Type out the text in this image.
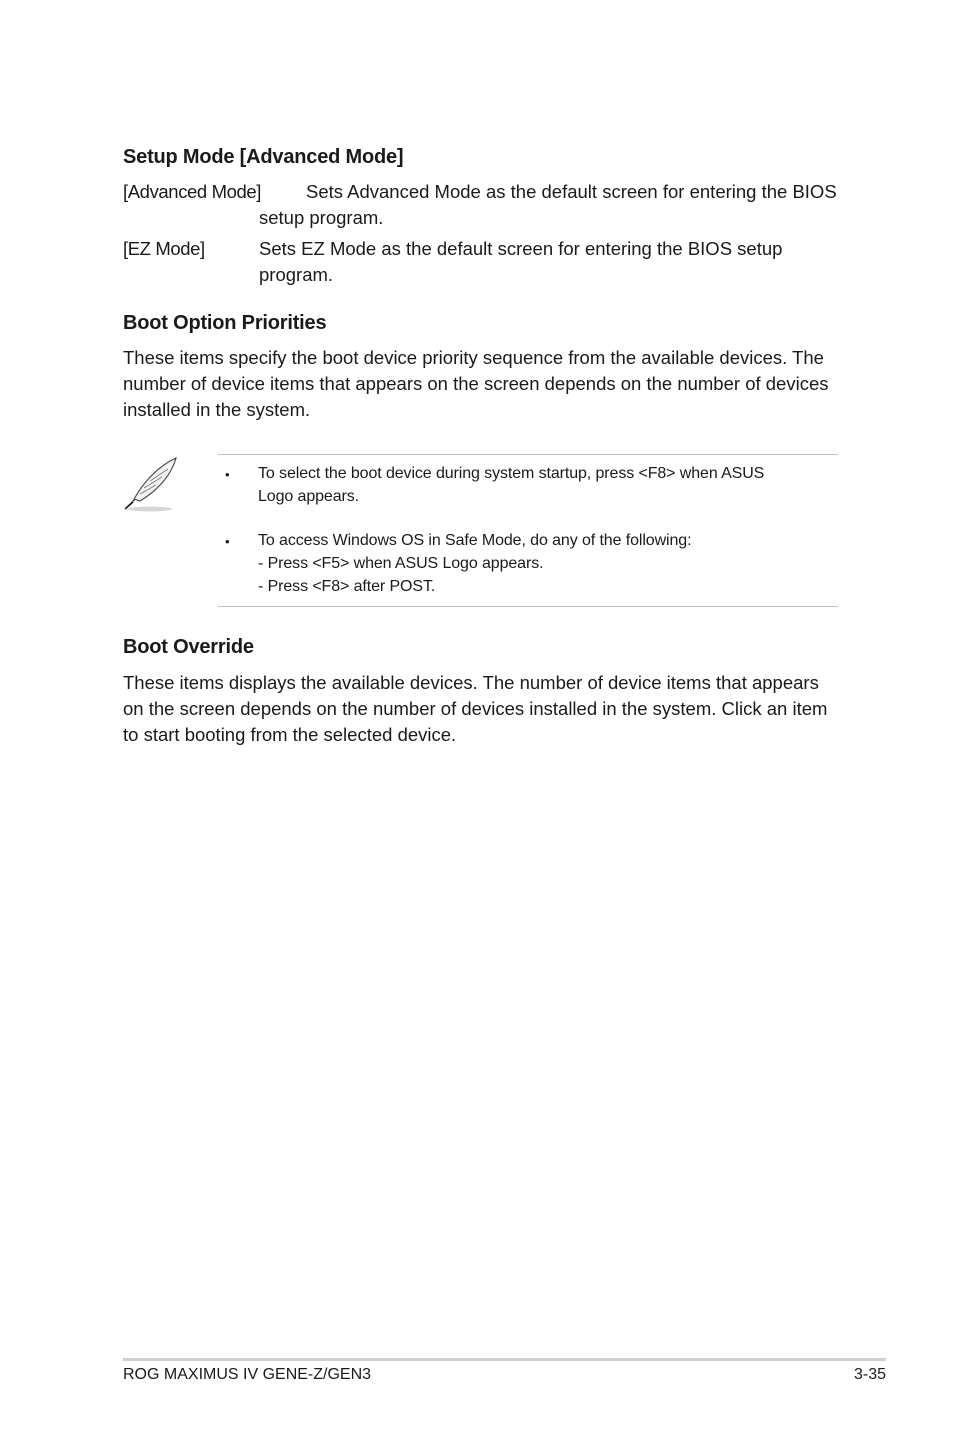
Setup Mode [Advanced Mode]
[Advanced Mode]	Sets Advanced Mode as the default screen for entering the BIOS setup program.
[EZ Mode]	Sets EZ Mode as the default screen for entering the BIOS setup program.
Boot Option Priorities

These items specify the boot device priority sequence from the available devices. The number of device items that appears on the screen depends on the number of devices installed in the system.

• To select the boot device during system startup, press <F8> when ASUS
Logo appears.
• To access Windows OS in Safe Mode, do any of the following:
- Press <F5> when ASUS Logo appears.
- Press <F8> after POST.
Boot Override

These items displays the available devices. The number of device items that appears on the screen depends on the number of devices installed in the system. Click an item to start booting from the selected device.

ROG MAXIMUS IV GENE-Z/GEN3	3-35
